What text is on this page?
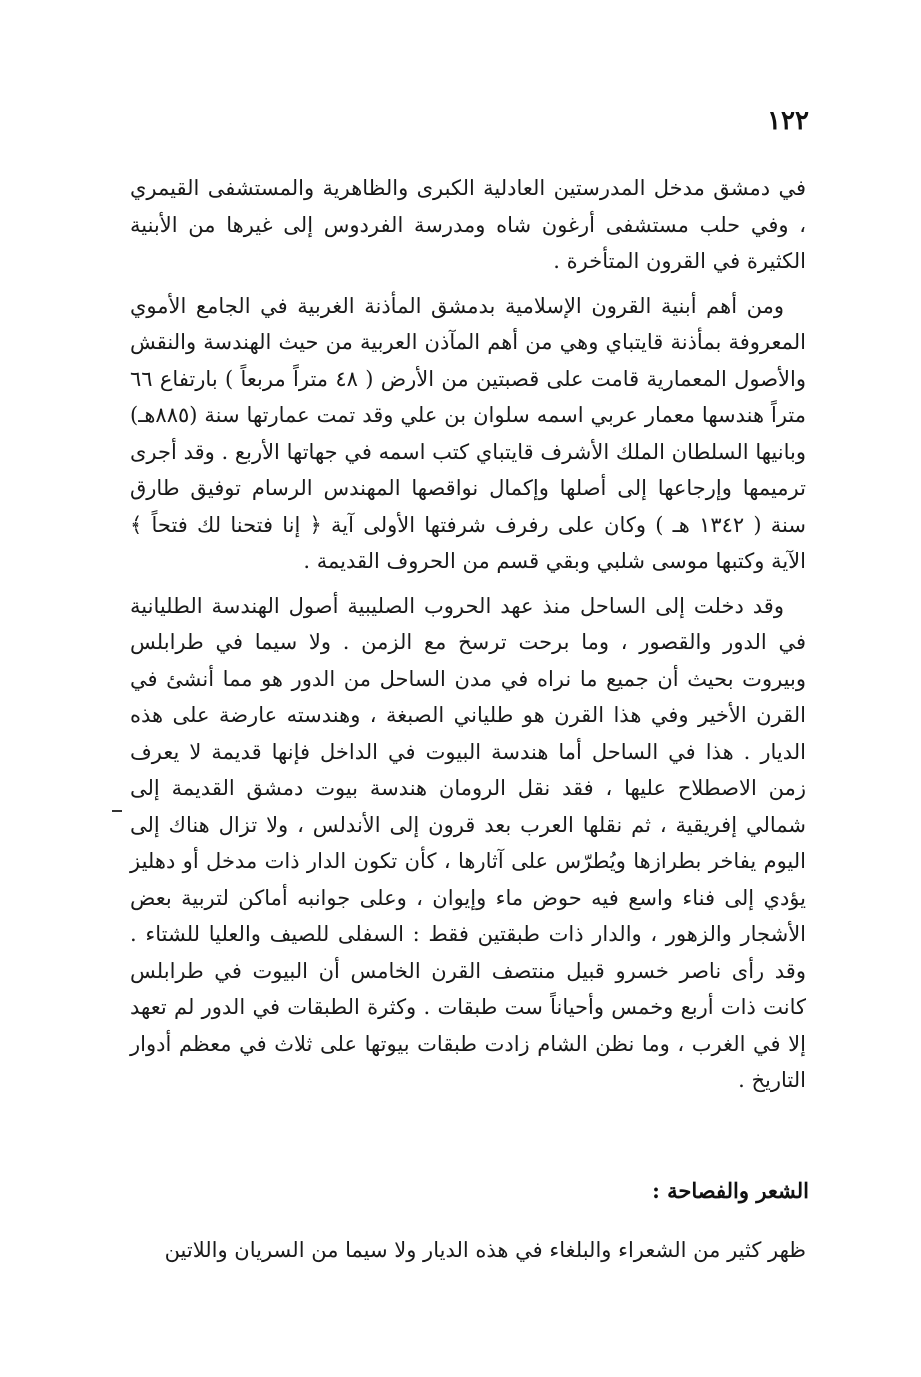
١٢٢

في دمشق مدخل المدرستين العادلية الكبرى والظاهرية والمستشفى القيمري ، وفي حلب مستشفى أرغون شاه ومدرسة الفردوس إلى غيرها من الأبنية الكثيرة في القرون المتأخرة .

ومن أهم أبنية القرون الإسلامية بدمشق المأذنة الغربية في الجامع الأموي المعروفة بمأذنة قايتباي وهي من أهم المآذن العربية من حيث الهندسة والنقش والأصول المعمارية قامت على قصبتين من الأرض ( ٤٨ متراً مربعاً ) بارتفاع ٦٦ متراً هندسها معمار عربي اسمه سلوان بن علي وقد تمت عمارتها سنة (٨٨٥هـ) وبانيها السلطان الملك الأشرف قايتباي كتب اسمه في جهاتها الأربع . وقد أجرى ترميمها وإرجاعها إلى أصلها وإكمال نواقصها المهندس الرسام توفيق طارق سنة ( ١٣٤٢ هـ ) وكان على رفرف شرفتها الأولى آية ﴿ إنا فتحنا لك فتحاً ﴾ الآية وكتبها موسى شلبي وبقي قسم من الحروف القديمة .

وقد دخلت إلى الساحل منذ عهد الحروب الصليبية أصول الهندسة الطليانية في الدور والقصور ، وما برحت ترسخ مع الزمن . ولا سيما في طرابلس وبيروت بحيث أن جميع ما نراه في مدن الساحل من الدور هو مما أنشئ في القرن الأخير وفي هذا القرن هو طلياني الصبغة ، وهندسته عارضة على هذه الديار . هذا في الساحل أما هندسة البيوت في الداخل فإنها قديمة لا يعرف زمن الاصطلاح عليها ، فقد نقل الرومان هندسة بيوت دمشق القديمة إلى شمالي إفريقية ، ثم نقلها العرب بعد قرون إلى الأندلس ، ولا تزال هناك إلى اليوم يفاخر بطرازها ويُطرّس على آثارها ، كأن تكون الدار ذات مدخل أو دهليز يؤدي إلى فناء واسع فيه حوض ماء وإيوان ، وعلى جوانبه أماكن لتربية بعض الأشجار والزهور ، والدار ذات طبقتين فقط : السفلى للصيف والعليا للشتاء . وقد رأى ناصر خسرو قبيل منتصف القرن الخامس أن البيوت في طرابلس كانت ذات أربع وخمس وأحياناً ست طبقات . وكثرة الطبقات في الدور لم تعهد إلا في الغرب ، وما نظن الشام زادت طبقات بيوتها على ثلاث في معظم أدوار التاريخ .

الشعر والفصاحة :

ظهر كثير من الشعراء والبلغاء في هذه الديار ولا سيما من السريان واللاتين
